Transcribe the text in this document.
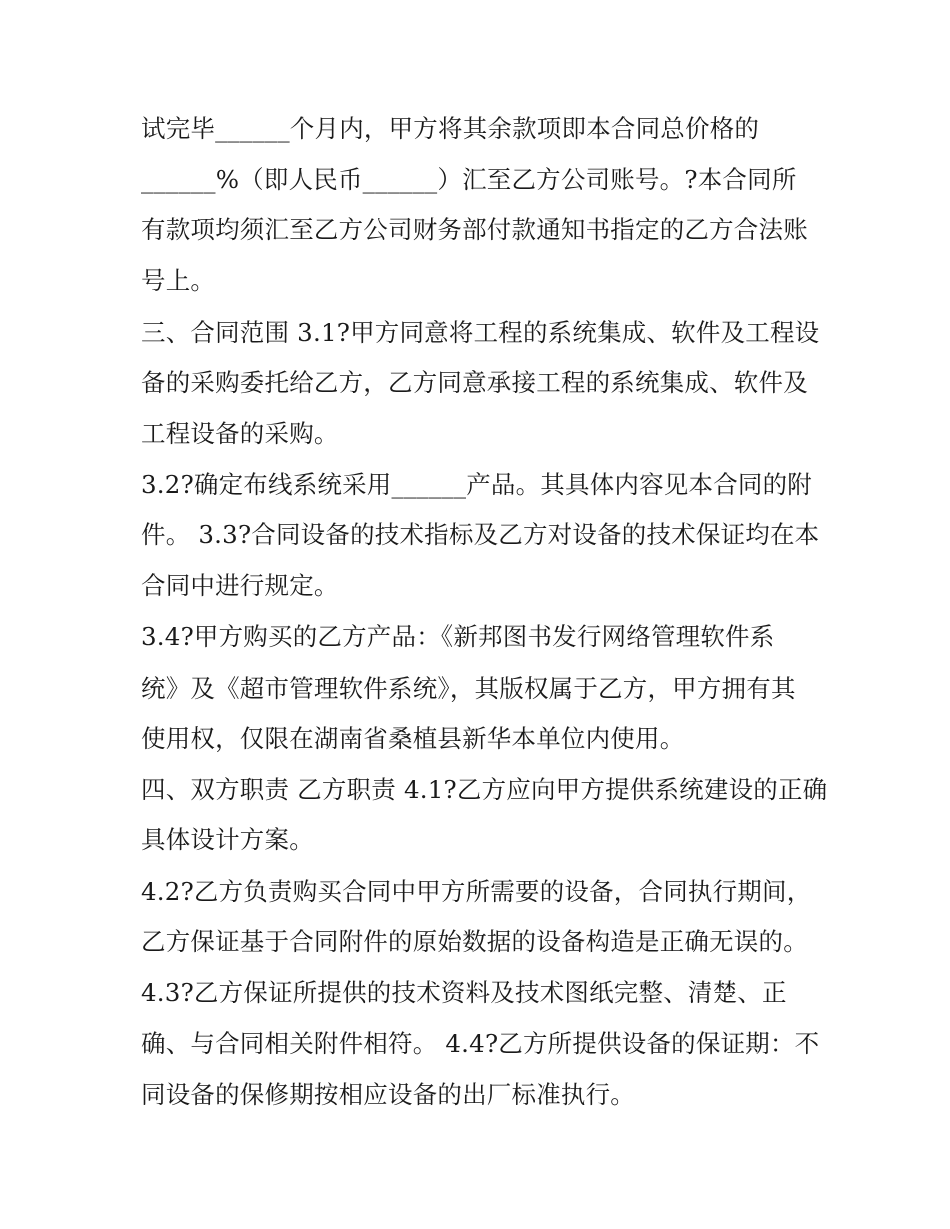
试完毕______个月内，甲方将其余款项即本合同总价格的
______%（即人民币______）汇至乙方公司账号。?本合同所
有款项均须汇至乙方公司财务部付款通知书指定的乙方合法账
号上。
三、合同范围 3.1?甲方同意将工程的系统集成、软件及工程设
备的采购委托给乙方，乙方同意承接工程的系统集成、软件及
工程设备的采购。
3.2?确定布线系统采用______产品。其具体内容见本合同的附
件。 3.3?合同设备的技术指标及乙方对设备的技术保证均在本
合同中进行规定。
3.4?甲方购买的乙方产品：《新邦图书发行网络管理软件系
统》及《超市管理软件系统》，其版权属于乙方，甲方拥有其
使用权，仅限在湖南省桑植县新华本单位内使用。
四、双方职责 乙方职责 4.1?乙方应向甲方提供系统建设的正确
具体设计方案。
4.2?乙方负责购买合同中甲方所需要的设备，合同执行期间，
乙方保证基于合同附件的原始数据的设备构造是正确无误的。
4.3?乙方保证所提供的技术资料及技术图纸完整、清楚、正
确、与合同相关附件相符。 4.4?乙方所提供设备的保证期：不
同设备的保修期按相应设备的出厂标准执行。
